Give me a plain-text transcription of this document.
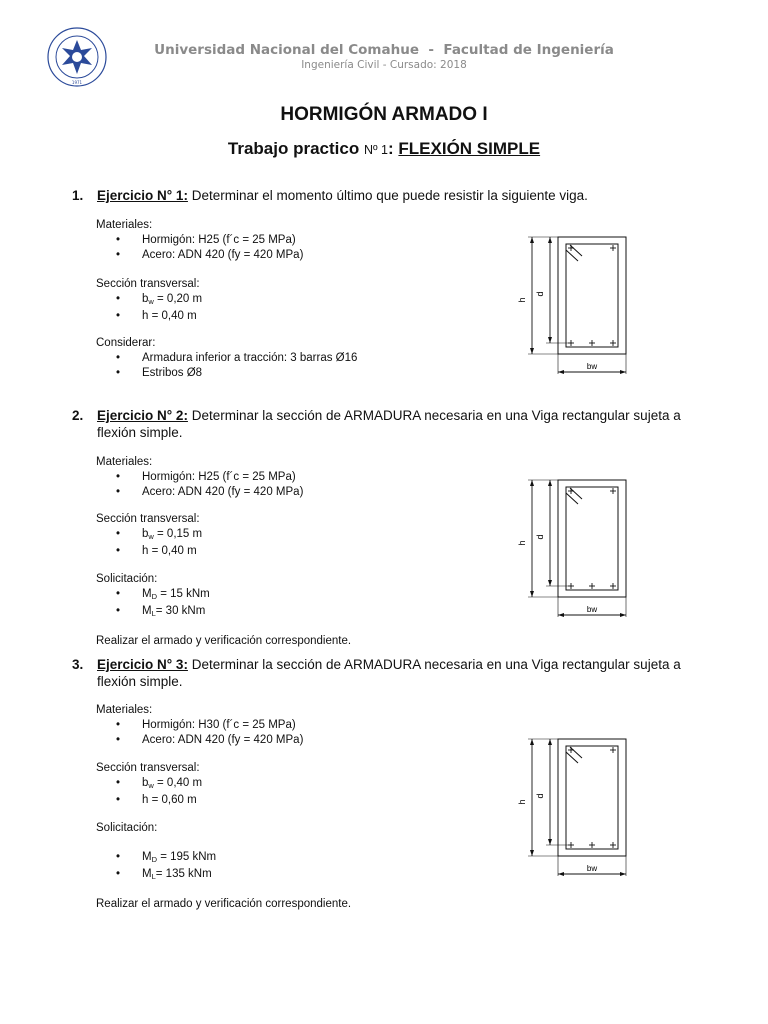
1971
Universidad Nacional del Comahue  -  Facultad de Ingeniería
Ingeniería Civil - Cursado: 2018
HORMIGÓN ARMADO I
Trabajo practico Nº 1: FLEXIÓN SIMPLE
1. Ejercicio N° 1: Determinar el momento último que puede resistir la siguiente viga.
Materiales:
• Hormigón: H25 (f´c = 25 MPa)
• Acero: ADN 420 (fy = 420 MPa)
Sección transversal:
• $b_w = 0,20$ m
• h = 0,40 m
Considerar:
• Armadura inferior a tracción: 3 barras Ø16
• Estribos Ø8
h
d
bw
2. Ejercicio N° 2: Determinar la sección de ARMADURA necesaria en una Viga rectangular sujeta a flexión simple.
Materiales:
• Hormigón: H25 (f´c = 25 MPa)
• Acero: ADN 420 (fy = 420 MPa)
Sección transversal:
• $b_w = 0,15$ m
• h = 0,40 m
Solicitación:
• $M_D = 15$ kNm
• $M_L= 30$ kNm
Realizar el armado y verificación correspondiente.
h
d
bw
3. Ejercicio N° 3: Determinar la sección de ARMADURA necesaria en una Viga rectangular sujeta a flexión simple.
Materiales:
• Hormigón: H30 (f´c = 25 MPa)
• Acero: ADN 420 (fy = 420 MPa)
Sección transversal:
• $b_w = 0,40$ m
• h = 0,60 m
Solicitación:
• $M_D = 195$ kNm
• $M_L= 135$ kNm
Realizar el armado y verificación correspondiente.
h
d
bw
